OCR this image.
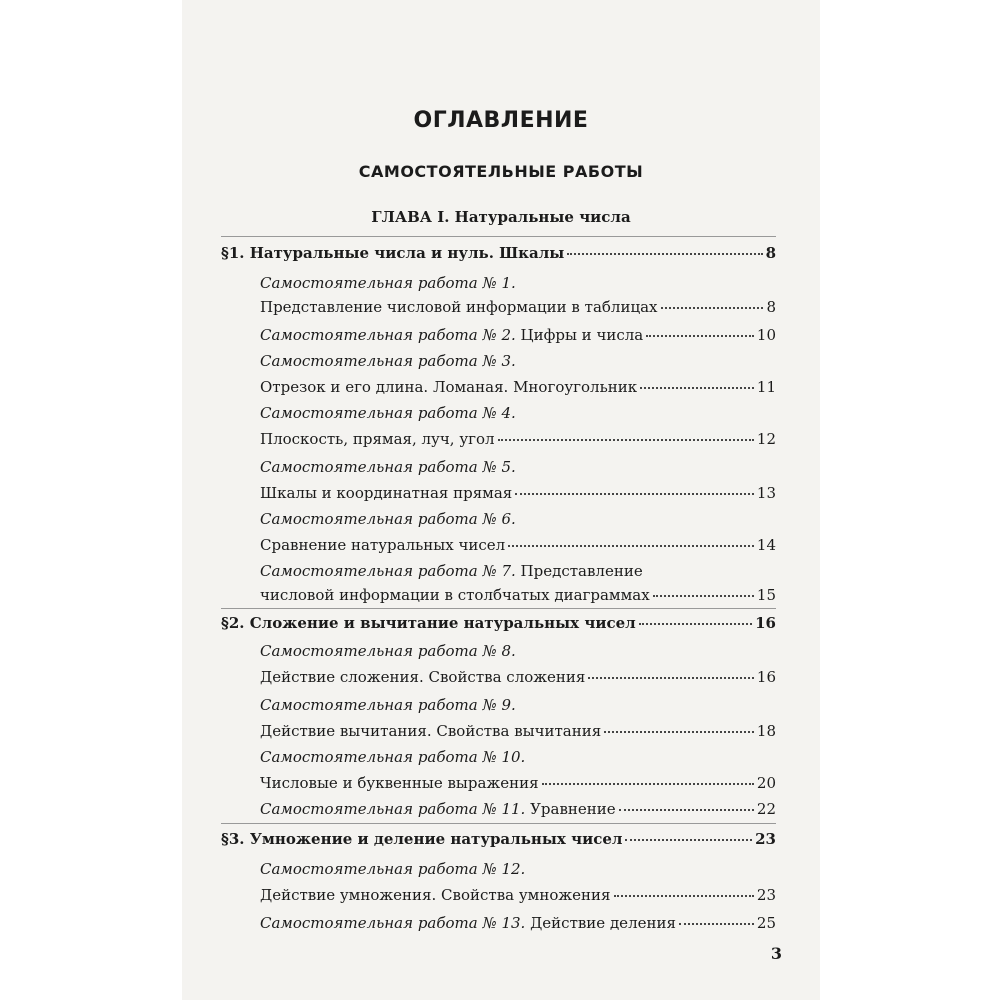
ОГЛАВЛЕНИЕ
САМОСТОЯТЕЛЬНЫЕ РАБОТЫ
ГЛАВА I. Натуральные числа
§1. Натуральные числа и нуль. Шкалы	8
Самостоятельная работа № 1.
Представление числовой информации в таблицах	8
Самостоятельная работа № 2. Цифры и числа	10
Самостоятельная работа № 3.
Отрезок и его длина. Ломаная. Многоугольник	11
Самостоятельная работа № 4.
Плоскость, прямая, луч, угол	12
Самостоятельная работа № 5.
Шкалы и координатная прямая	13
Самостоятельная работа № 6.
Сравнение натуральных чисел	14
Самостоятельная работа № 7. Представление
числовой информации в столбчатых диаграммах	15
§2. Сложение и вычитание натуральных чисел	16
Самостоятельная работа № 8.
Действие сложения. Свойства сложения	16
Самостоятельная работа № 9.
Действие вычитания. Свойства вычитания	18
Самостоятельная работа № 10.
Числовые и буквенные выражения	20
Самостоятельная работа № 11. Уравнение	22
§3. Умножение и деление натуральных чисел	23
Самостоятельная работа № 12.
Действие умножения. Свойства умножения	23
Самостоятельная работа № 13. Действие деления	25

3
